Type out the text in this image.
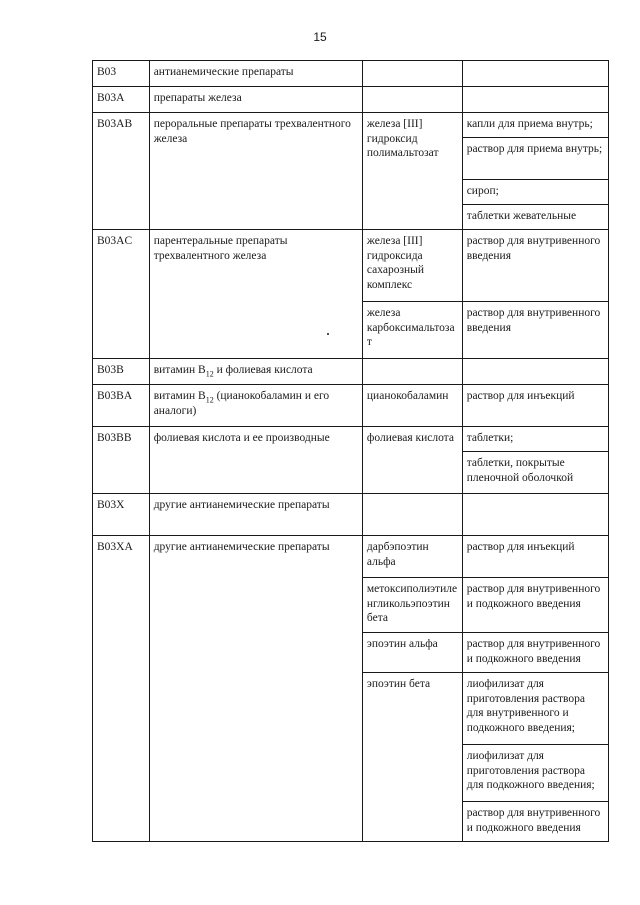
15
B03	антианемические препараты		
B03A	препараты железа		
B03AB	пероральные препараты трехвалентного железа	железа [III] гидроксид полимальтозат	капли для приема внутрь;
			раствор для приема внутрь;
			сироп;
			таблетки жевательные
B03AC	парентеральные препараты трехвалентного железа	железа [III] гидроксида сахарозный комплекс	раствор для внутривенного введения
		железа карбоксимальтозат	раствор для внутривенного введения
B03B	витамин $B_{12}$ и фолиевая кислота		
B03BA	витамин $B_{12}$ (цианокобаламин и его аналоги)	цианокобаламин	раствор для инъекций
B03BB	фолиевая кислота и ее производные	фолиевая кислота	таблетки;
			таблетки, покрытые пленочной оболочкой
B03X	другие антианемические препараты		
B03XA	другие антианемические препараты	дарбэпоэтин альфа	раствор для инъекций
		метоксиполиэтиленгликольэпоэтин бета	раствор для внутривенного и подкожного введения
		эпоэтин альфа	раствор для внутривенного и подкожного введения
		эпоэтин бета	лиофилизат для приготовления раствора для внутривенного и подкожного введения;
			лиофилизат для приготовления раствора для подкожного введения;
			раствор для внутривенного и подкожного введения
